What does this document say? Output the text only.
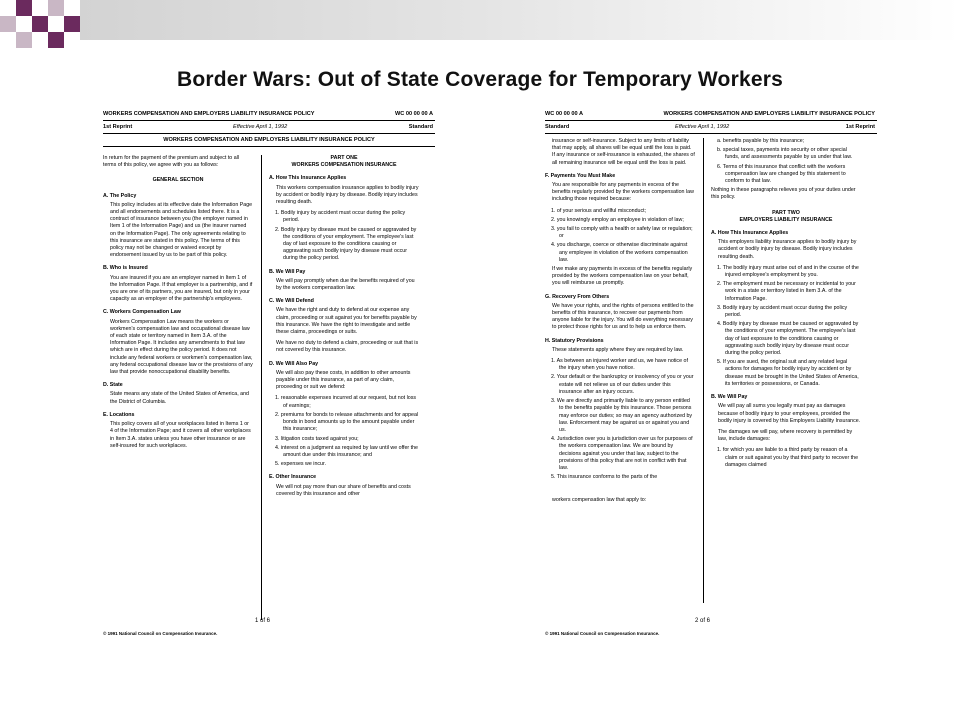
Border Wars: Out of State Coverage for Temporary Workers
WORKERS COMPENSATION AND EMPLOYERS LIABILITY INSURANCE POLICY	WC 00 00 00 A
1st Reprint	Effective April 1, 1992	Standard
WORKERS COMPENSATION AND EMPLOYERS LIABILITY INSURANCE POLICY
In return for the payment of the premium and subject to all terms of this policy, we agree with you as follows:
GENERAL SECTION
A. The Policy
This policy includes at its effective date the Information Page and all endorsements and schedules listed there. It is a contract of insurance between you (the employer named in Item 1 of the Information Page) and us (the insurer named on the Information Page). The only agreements relating to this insurance are stated in this policy. The terms of this policy may not be changed or waived except by endorsement issued by us to be part of this policy.
B. Who is Insured
You are insured if you are an employer named in Item 1 of the Information Page. If that employer is a partnership, and if you are one of its partners, you are insured, but only in your capacity as an employer of the partnership's employees.
C. Workers Compensation Law
Workers Compensation Law means the workers or workmen's compensation law and occupational disease law of each state or territory named in Item 3.A. of the Information Page. It includes any amendments to that law which are in effect during the policy period. It does not include any federal workers or workmen's compensation law, any federal occupational disease law or the provisions of any law that provide nonoccupational disability benefits.
D. State
State means any state of the United States of America, and the District of Columbia.
E. Locations
This policy covers all of your workplaces listed in Items 1 or 4 of the Information Page; and it covers all other workplaces in Item 3.A. states unless you have other insurance or are self-insured for such workplaces.
PART ONE
WORKERS COMPENSATION INSURANCE
A. How This Insurance Applies
This workers compensation insurance applies to bodily injury by accident or bodily injury by disease. Bodily injury includes resulting death.
1. Bodily injury by accident must occur during the policy period.
2. Bodily injury by disease must be caused or aggravated by the conditions of your employment. The employee's last day of last exposure to the conditions causing or aggravating such bodily injury by disease must occur during the policy period.
B. We Will Pay
We will pay promptly when due the benefits required of you by the workers compensation law.
C. We Will Defend
We have the right and duty to defend at our expense any claim, proceeding or suit against you for benefits payable by this insurance. We have the right to investigate and settle these claims, proceedings or suits.
We have no duty to defend a claim, proceeding or suit that is not covered by this insurance.
D. We Will Also Pay
We will also pay these costs, in addition to other amounts payable under this insurance, as part of any claim, proceeding or suit we defend:
1. reasonable expenses incurred at our request, but not loss of earnings;
2. premiums for bonds to release attachments and for appeal bonds in bond amounts up to the amount payable under this insurance;
3. litigation costs taxed against you;
4. interest on a judgment as required by law until we offer the amount due under this insurance; and
5. expenses we incur.
E. Other Insurance
We will not pay more than our share of benefits and costs covered by this insurance and other
1 of 6
© 1991 National Council on Compensation Insurance.
WC 00 00 00 A	WORKERS COMPENSATION AND EMPLOYERS LIABILITY INSURANCE POLICY
Standard	Effective April 1, 1992	1st Reprint
insurance or self-insurance. Subject to any limits of liability that may apply, all shares will be equal until the loss is paid. If any insurance or self-insurance is exhausted, the shares of all remaining insurance will be equal until the loss is paid.
F. Payments You Must Make
You are responsible for any payments in excess of the benefits regularly provided by the workers compensation law including those required because:
1. of your serious and willful misconduct;
2. you knowingly employ an employee in violation of law;
3. you fail to comply with a health or safety law or regulation; or
4. you discharge, coerce or otherwise discriminate against any employee in violation of the workers compensation law.
If we make any payments in excess of the benefits regularly provided by the workers compensation law on your behalf, you will reimburse us promptly.
G. Recovery From Others
We have your rights, and the rights of persons entitled to the benefits of this insurance, to recover our payments from anyone liable for the injury. You will do everything necessary to protect those rights for us and to help us enforce them.
H. Statutory Provisions
These statements apply where they are required by law.
1. As between an injured worker and us, we have notice of the injury when you have notice.
2. Your default or the bankruptcy or insolvency of you or your estate will not relieve us of our duties under this insurance after an injury occurs.
3. We are directly and primarily liable to any person entitled to the benefits payable by this insurance. Those persons may enforce our duties; so may an agency authorized by law. Enforcement may be against us or against you and us.
4. Jurisdiction over you is jurisdiction over us for purposes of the workers compensation law. We are bound by decisions against you under that law, subject to the provisions of this policy that are not in conflict with that law.
5. This insurance conforms to the parts of the
workers compensation law that apply to:
a. benefits payable by this insurance;
b. special taxes, payments into security or other special funds, and assessments payable by us under that law.
6. Terms of this insurance that conflict with the workers compensation law are changed by this statement to conform to that law.
Nothing in these paragraphs relieves you of your duties under this policy.
PART TWO
EMPLOYERS LIABILITY INSURANCE
A. How This Insurance Applies
This employers liability insurance applies to bodily injury by accident or bodily injury by disease. Bodily injury includes resulting death.
1. The bodily injury must arise out of and in the course of the injured employee's employment by you.
2. The employment must be necessary or incidental to your work in a state or territory listed in Item 3.A. of the Information Page.
3. Bodily injury by accident must occur during the policy period.
4. Bodily injury by disease must be caused or aggravated by the conditions of your employment. The employee's last day of last exposure to the conditions causing or aggravating such bodily injury by disease must occur during the policy period.
5. If you are sued, the original suit and any related legal actions for damages for bodily injury by accident or by disease must be brought in the United States of America, its territories or possessions, or Canada.
B. We Will Pay
We will pay all sums you legally must pay as damages because of bodily injury to your employees, provided the bodily injury is covered by this Employers Liability Insurance.
The damages we will pay, where recovery is permitted by law, include damages:
1. for which you are liable to a third party by reason of a claim or suit against you by that third party to recover the damages claimed
2 of 6
© 1991 National Council on Compensation Insurance.
